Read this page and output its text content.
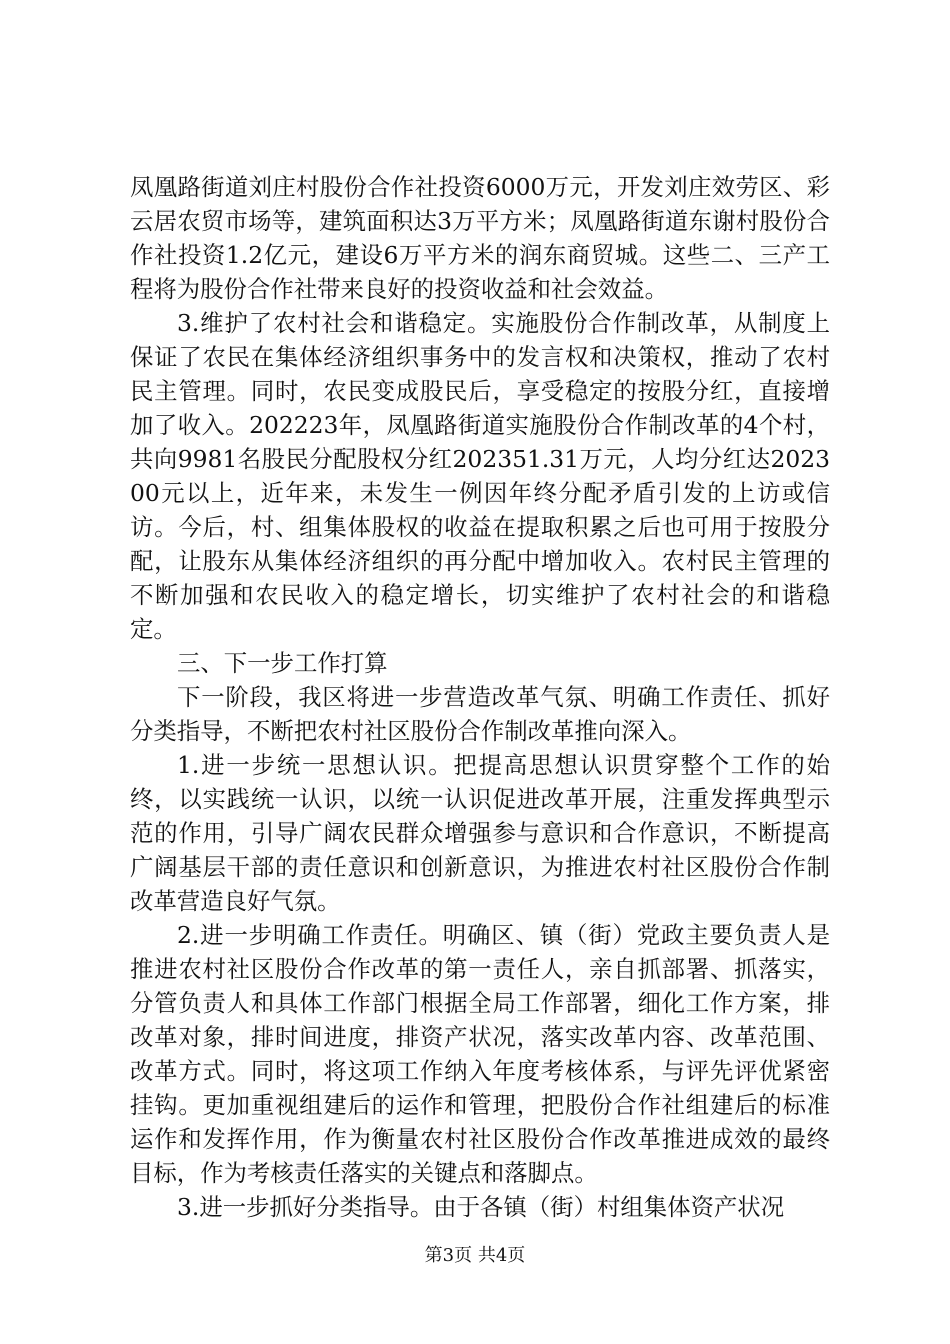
凤凰路街道刘庄村股份合作社投资6000万元，开发刘庄效劳区、彩云居农贸市场等，建筑面积达3万平方米；凤凰路街道东谢村股份合作社投资1.2亿元，建设6万平方米的润东商贸城。这些二、三产工程将为股份合作社带来良好的投资收益和社会效益。

3.维护了农村社会和谐稳定。实施股份合作制改革，从制度上保证了农民在集体经济组织事务中的发言权和决策权，推动了农村民主管理。同时，农民变成股民后，享受稳定的按股分红，直接增加了收入。202223年，凤凰路街道实施股份合作制改革的4个村，共向9981名股民分配股权分红202351.31万元，人均分红达202300元以上，近年来，未发生一例因年终分配矛盾引发的上访或信访。今后，村、组集体股权的收益在提取积累之后也可用于按股分配，让股东从集体经济组织的再分配中增加收入。农村民主管理的不断加强和农民收入的稳定增长，切实维护了农村社会的和谐稳定。

三、下一步工作打算

下一阶段，我区将进一步营造改革气氛、明确工作责任、抓好分类指导，不断把农村社区股份合作制改革推向深入。

1.进一步统一思想认识。把提高思想认识贯穿整个工作的始终，以实践统一认识，以统一认识促进改革开展，注重发挥典型示范的作用，引导广阔农民群众增强参与意识和合作意识，不断提高广阔基层干部的责任意识和创新意识，为推进农村社区股份合作制改革营造良好气氛。

2.进一步明确工作责任。明确区、镇（街）党政主要负责人是推进农村社区股份合作改革的第一责任人，亲自抓部署、抓落实，分管负责人和具体工作部门根据全局工作部署，细化工作方案，排改革对象，排时间进度，排资产状况，落实改革内容、改革范围、改革方式。同时，将这项工作纳入年度考核体系，与评先评优紧密挂钩。更加重视组建后的运作和管理，把股份合作社组建后的标准运作和发挥作用，作为衡量农村社区股份合作改革推进成效的最终目标，作为考核责任落实的关键点和落脚点。

3.进一步抓好分类指导。由于各镇（街）村组集体资产状况

第3页 共4页
